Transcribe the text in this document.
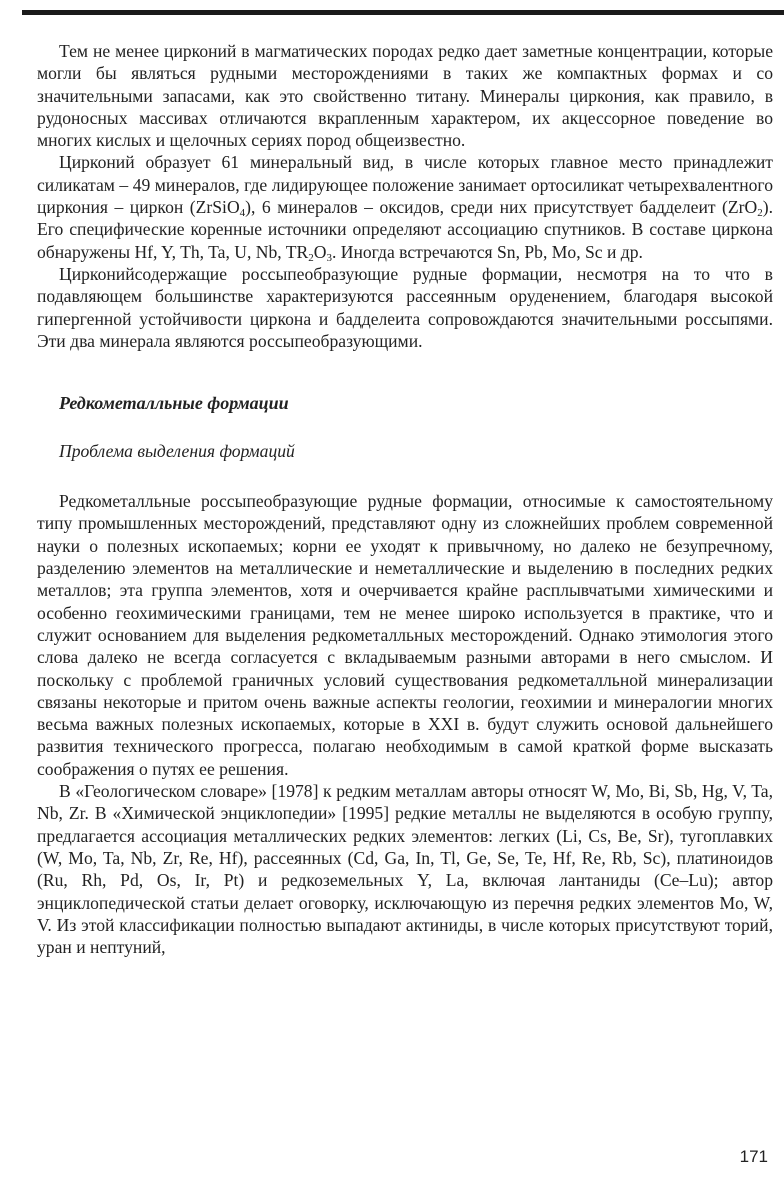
Тем не менее цирконий в магматических породах редко дает заметные концентрации, которые могли бы являться рудными месторождениями в таких же компактных формах и со значительными запасами, как это свойственно титану. Минералы циркония, как правило, в рудоносных массивах отличаются вкрапленным характером, их акцессорное поведение во многих кислых и щелочных сериях пород общеизвестно.

Цирконий образует 61 минеральный вид, в числе которых главное место принадлежит силикатам – 49 минералов, где лидирующее положение занимает ортосиликат четырехвалентного циркония – циркон (ZrSiO$_4$), 6 минералов – оксидов, среди них присутствует бадделеит (ZrO$_2$). Его специфические коренные источники определяют ассоциацию спутников. В составе циркона обнаружены Hf, Y, Th, Ta, U, Nb, $TR_2O_3$. Иногда встречаются Sn, Pb, Mo, Sc и др.

Цирконийсодержащие россыпеобразующие рудные формации, несмотря на то что в подавляющем большинстве характеризуются рассеянным оруденением, благодаря высокой гипергенной устойчивости циркона и бадделеита сопровождаются значительными россыпями. Эти два минерала являются россыпеобразующими.

Редкометалльные формации
Проблема выделения формаций

Редкометалльные россыпеобразующие рудные формации, относимые к самостоятельному типу промышленных месторождений, представляют одну из сложнейших проблем современной науки о полезных ископаемых; корни ее уходят к привычному, но далеко не безупречному, разделению элементов на металлические и неметаллические и выделению в последних редких металлов; эта группа элементов, хотя и очерчивается крайне расплывчатыми химическими и особенно геохимическими границами, тем не менее широко используется в практике, что и служит основанием для выделения редкометалльных месторождений. Однако этимология этого слова далеко не всегда согласуется с вкладываемым разными авторами в него смыслом. И поскольку с проблемой граничных условий существования редкометалльной минерализации связаны некоторые и притом очень важные аспекты геологии, геохимии и минералогии многих весьма важных полезных ископаемых, которые в XXI в. будут служить основой дальнейшего развития технического прогресса, полагаю необходимым в самой краткой форме высказать соображения о путях ее решения.

В «Геологическом словаре» [1978] к редким металлам авторы относят W, Mo, Bi, Sb, Hg, V, Ta, Nb, Zr. В «Химической энциклопедии» [1995] редкие металлы не выделяются в особую группу, предлагается ассоциация металлических редких элементов: легких (Li, Cs, Be, Sr), тугоплавких (W, Mo, Ta, Nb, Zr, Re, Hf), рассеянных (Cd, Ga, In, Tl, Ge, Se, Te, Hf, Re, Rb, Sc), платиноидов (Ru, Rh, Pd, Os, Ir, Pt) и редкоземельных Y, La, включая лантаниды (Ce–Lu); автор энциклопедической статьи делает оговорку, исключающую из перечня редких элементов Mo, W, V. Из этой классификации полностью выпадают актиниды, в числе которых присутствуют торий, уран и нептуний,

171
